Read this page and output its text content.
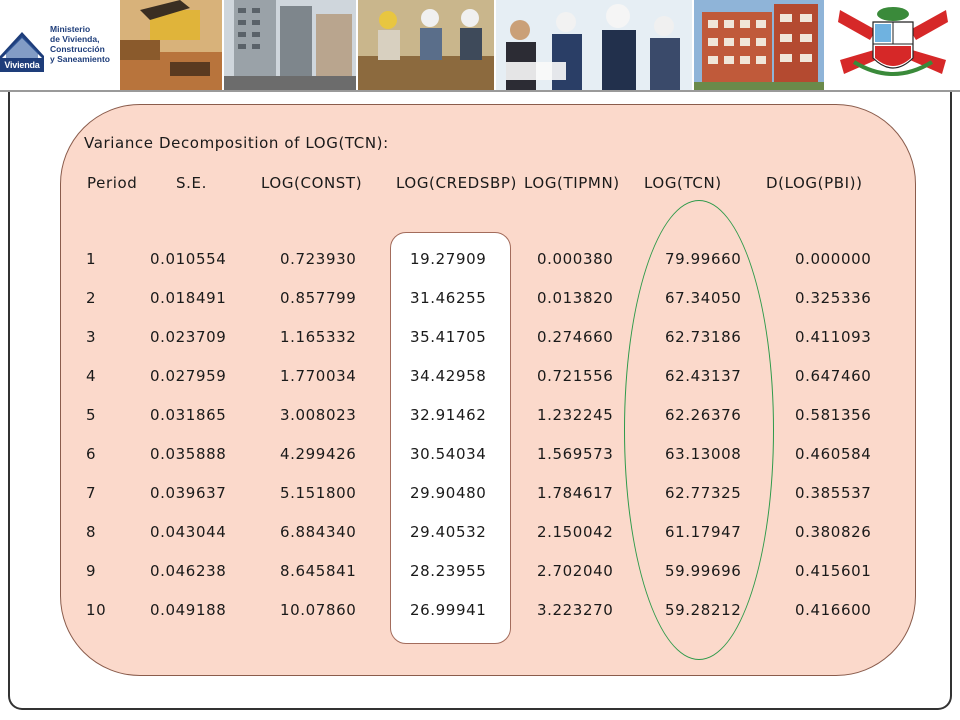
Vivienda
Ministerio
de Vivienda,
Construcción
y Saneamiento
Variance Decomposition of LOG(TCN):
Period	S.E.	LOG(CONST) LOG(CREDSBP) LOG(TIPMN) LOG(TCN)	D(LOG(PBI))
1	0.010554	0.723930	19.27909	0.000380	79.99660	0.000000
2	0.018491	0.857799	31.46255	0.013820	67.34050	0.325336
3	0.023709	1.165332	35.41705	0.274660	62.73186	0.411093
4	0.027959	1.770034	34.42958	0.721556	62.43137	0.647460
5	0.031865	3.008023	32.91462	1.232245	62.26376	0.581356
6	0.035888	4.299426	30.54034	1.569573	63.13008	0.460584
7	0.039637	5.151800	29.90480	1.784617	62.77325	0.385537
8	0.043044	6.884340	29.40532	2.150042	61.17947	0.380826
9	0.046238	8.645841	28.23955	2.702040	59.99696	0.415601
10	0.049188	10.07860	26.99941	3.223270	59.28212	0.416600
